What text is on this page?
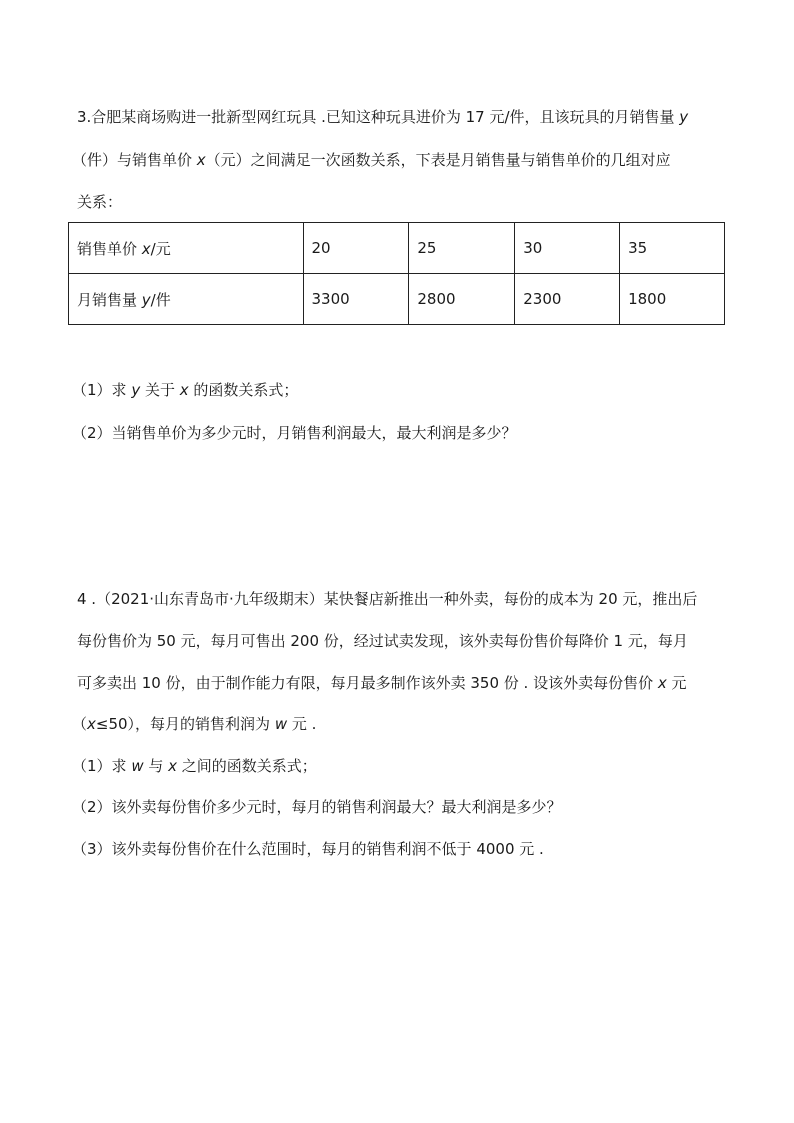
3.合肥某商场购进一批新型网红玩具 .已知这种玩具进价为 17 元/件，且该玩具的月销售量 y
（件）与销售单价 x（元）之间满足一次函数关系，下表是月销售量与销售单价的几组对应
关系：
销售单价 x/元	20	25	30	35
月销售量 y/件	3300	2800	2300	1800
（1）求 y 关于 x 的函数关系式；
（2）当销售单价为多少元时，月销售利润最大，最大利润是多少？
4 .（2021·山东青岛市·九年级期末）某快餐店新推出一种外卖，每份的成本为 20 元，推出后
每份售价为 50 元，每月可售出 200 份，经过试卖发现，该外卖每份售价每降价 1 元，每月
可多卖出 10 份，由于制作能力有限，每月最多制作该外卖 350 份 . 设该外卖每份售价 x 元
（x≤50），每月的销售利润为 w 元 .
（1）求 w 与 x 之间的函数关系式；
（2）该外卖每份售价多少元时，每月的销售利润最大？最大利润是多少？
（3）该外卖每份售价在什么范围时，每月的销售利润不低于 4000 元 .
